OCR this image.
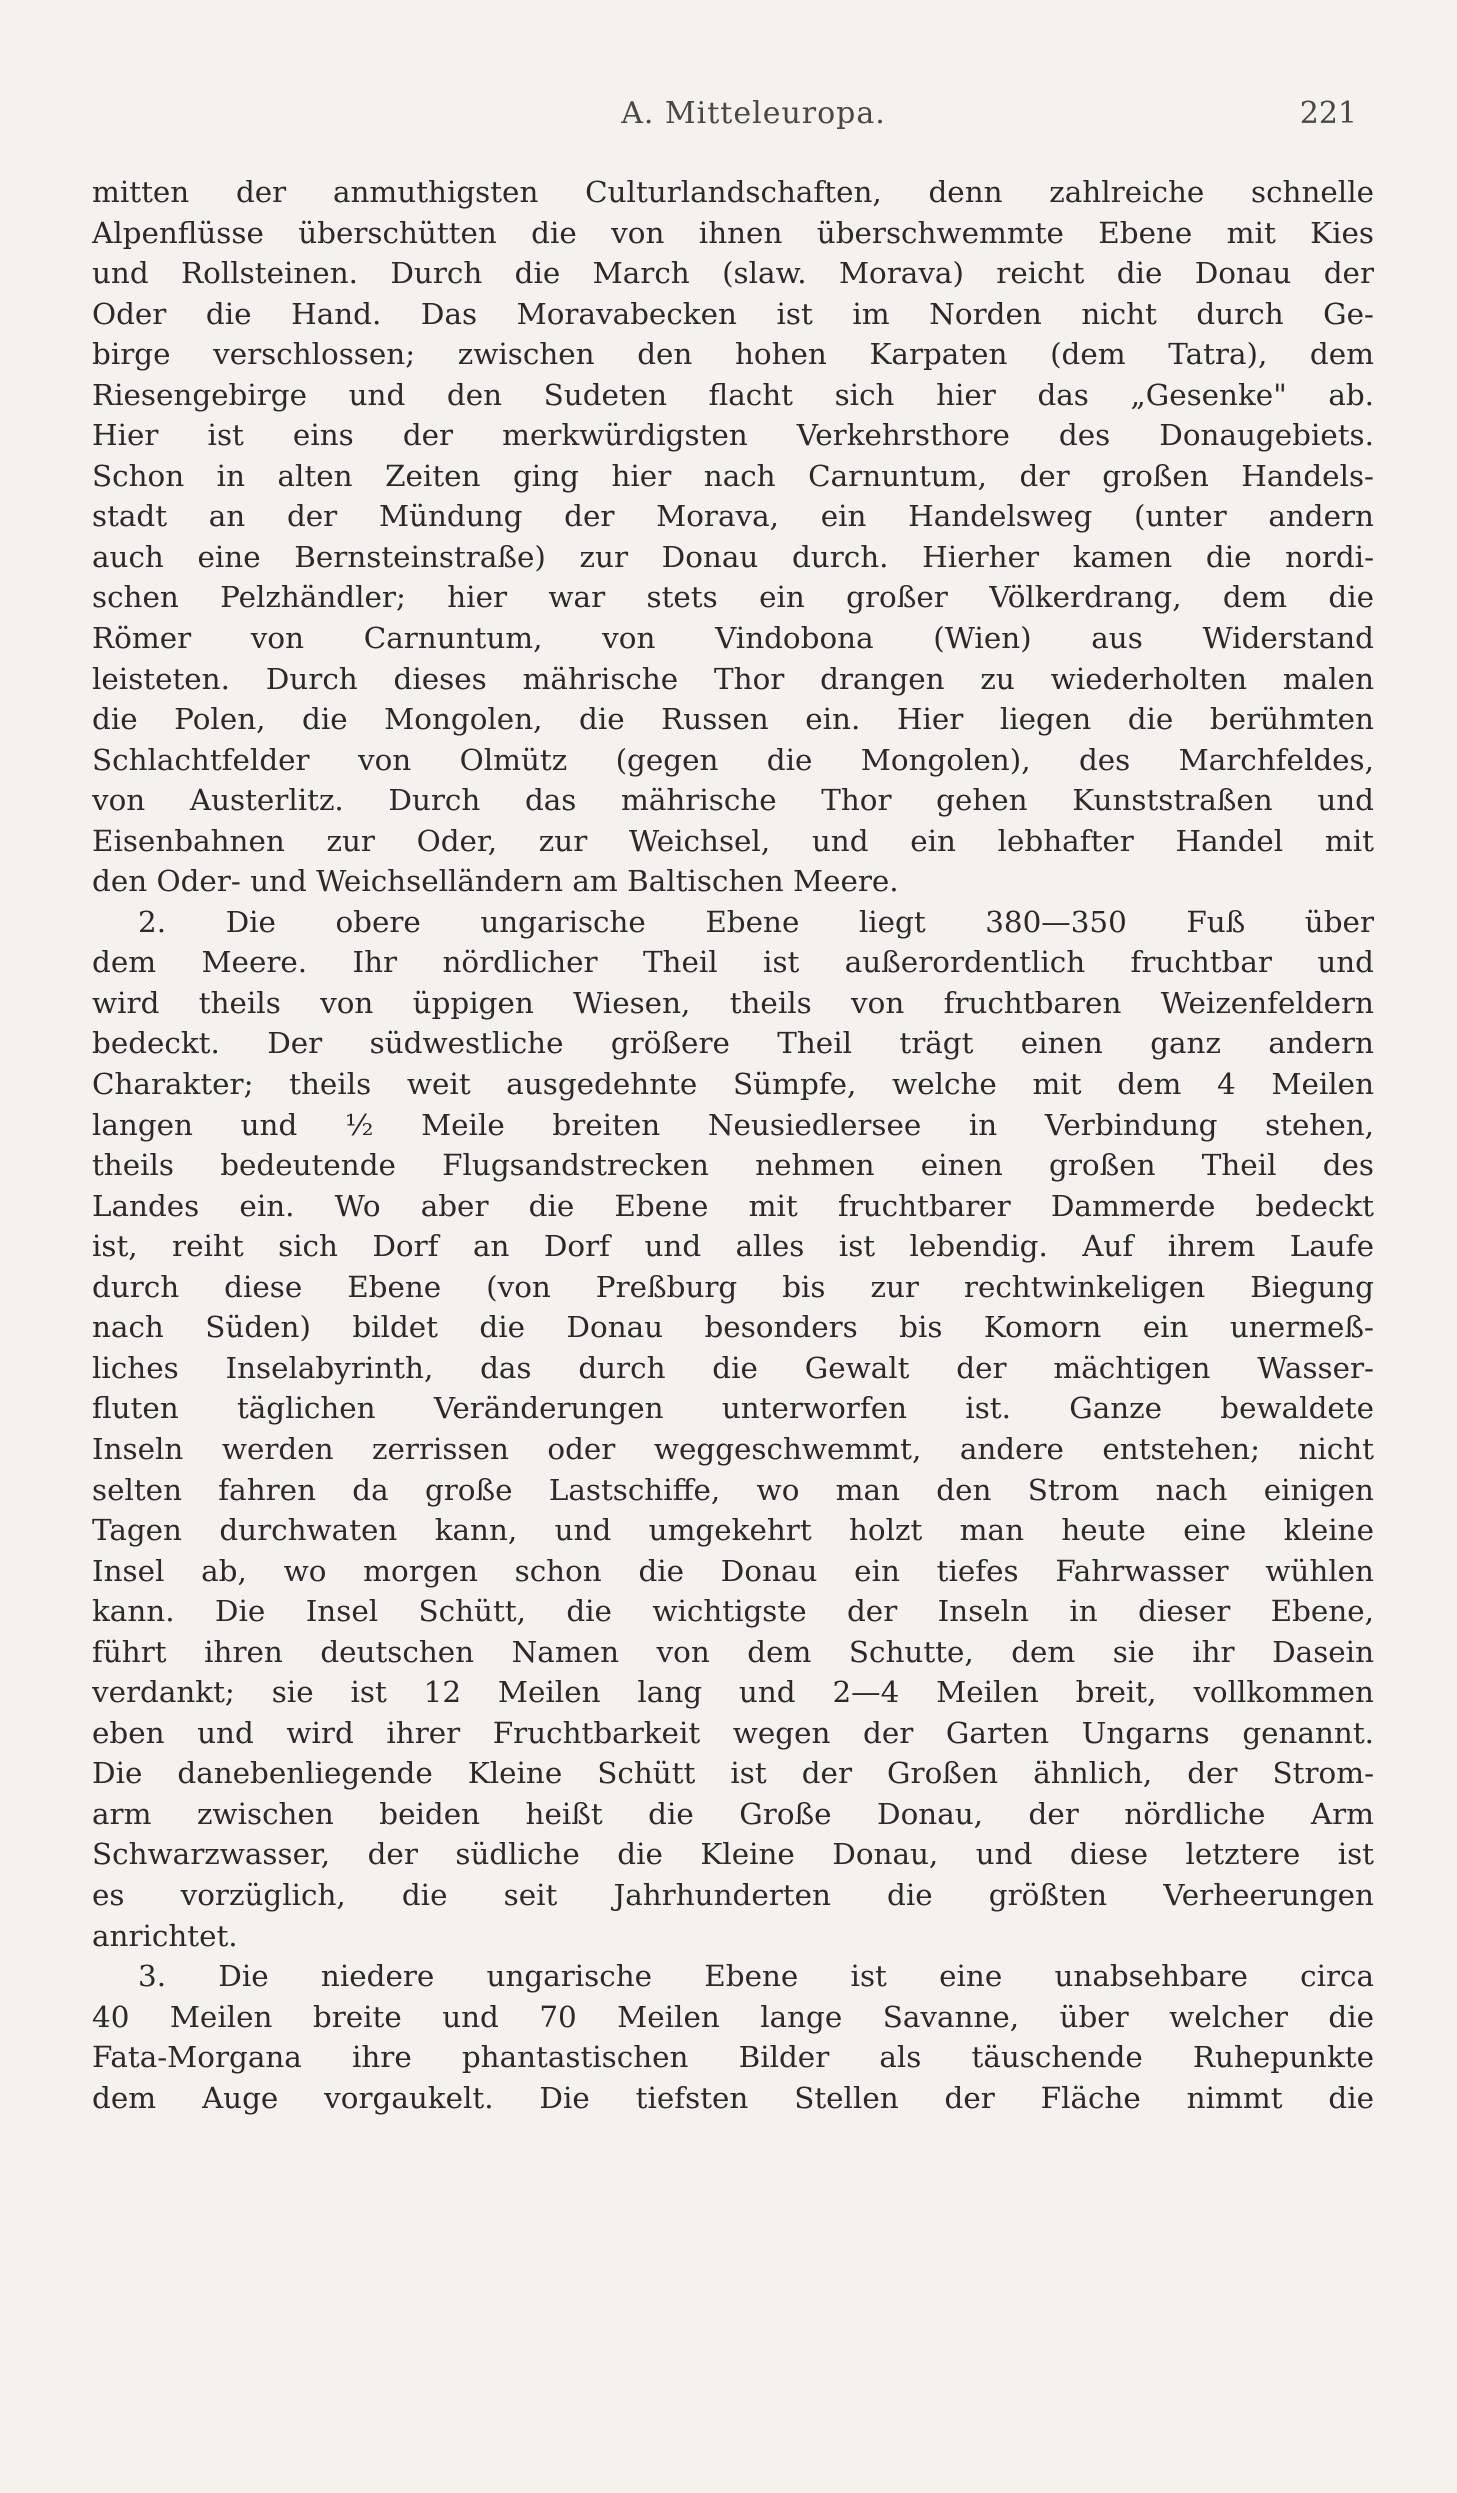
A. Mitteleuropa.	221
mitten der anmuthigsten Culturlandschaften, denn zahlreiche schnelle
Alpenflüsse überschütten die von ihnen überschwemmte Ebene mit Kies
und Rollsteinen. Durch die March (slaw. Morava) reicht die Donau der
Oder die Hand. Das Moravabecken ist im Norden nicht durch Ge-
birge verschlossen; zwischen den hohen Karpaten (dem Tatra), dem
Riesengebirge und den Sudeten flacht sich hier das „Gesenke" ab.
Hier ist eins der merkwürdigsten Verkehrsthore des Donaugebiets.
Schon in alten Zeiten ging hier nach Carnuntum, der großen Handels-
stadt an der Mündung der Morava, ein Handelsweg (unter andern
auch eine Bernsteinstraße) zur Donau durch. Hierher kamen die nordi-
schen Pelzhändler; hier war stets ein großer Völkerdrang, dem die
Römer von Carnuntum, von Vindobona (Wien) aus Widerstand
leisteten. Durch dieses mährische Thor drangen zu wiederholten malen
die Polen, die Mongolen, die Russen ein. Hier liegen die berühmten
Schlachtfelder von Olmütz (gegen die Mongolen), des Marchfeldes,
von Austerlitz. Durch das mährische Thor gehen Kunststraßen und
Eisenbahnen zur Oder, zur Weichsel, und ein lebhafter Handel mit
den Oder- und Weichselländern am Baltischen Meere.
2. Die obere ungarische Ebene liegt 380—350 Fuß über
dem Meere. Ihr nördlicher Theil ist außerordentlich fruchtbar und
wird theils von üppigen Wiesen, theils von fruchtbaren Weizenfeldern
bedeckt. Der südwestliche größere Theil trägt einen ganz andern
Charakter; theils weit ausgedehnte Sümpfe, welche mit dem 4 Meilen
langen und ½ Meile breiten Neusiedlersee in Verbindung stehen,
theils bedeutende Flugsandstrecken nehmen einen großen Theil des
Landes ein. Wo aber die Ebene mit fruchtbarer Dammerde bedeckt
ist, reiht sich Dorf an Dorf und alles ist lebendig. Auf ihrem Laufe
durch diese Ebene (von Preßburg bis zur rechtwinkeligen Biegung
nach Süden) bildet die Donau besonders bis Komorn ein unermeß-
liches Inselabyrinth, das durch die Gewalt der mächtigen Wasser-
fluten täglichen Veränderungen unterworfen ist. Ganze bewaldete
Inseln werden zerrissen oder weggeschwemmt, andere entstehen; nicht
selten fahren da große Lastschiffe, wo man den Strom nach einigen
Tagen durchwaten kann, und umgekehrt holzt man heute eine kleine
Insel ab, wo morgen schon die Donau ein tiefes Fahrwasser wühlen
kann. Die Insel Schütt, die wichtigste der Inseln in dieser Ebene,
führt ihren deutschen Namen von dem Schutte, dem sie ihr Dasein
verdankt; sie ist 12 Meilen lang und 2—4 Meilen breit, vollkommen
eben und wird ihrer Fruchtbarkeit wegen der Garten Ungarns genannt.
Die danebenliegende Kleine Schütt ist der Großen ähnlich, der Strom-
arm zwischen beiden heißt die Große Donau, der nördliche Arm
Schwarzwasser, der südliche die Kleine Donau, und diese letztere ist
es vorzüglich, die seit Jahrhunderten die größten Verheerungen
anrichtet.
3. Die niedere ungarische Ebene ist eine unabsehbare circa
40 Meilen breite und 70 Meilen lange Savanne, über welcher die
Fata-Morgana ihre phantastischen Bilder als täuschende Ruhepunkte
dem Auge vorgaukelt. Die tiefsten Stellen der Fläche nimmt die
